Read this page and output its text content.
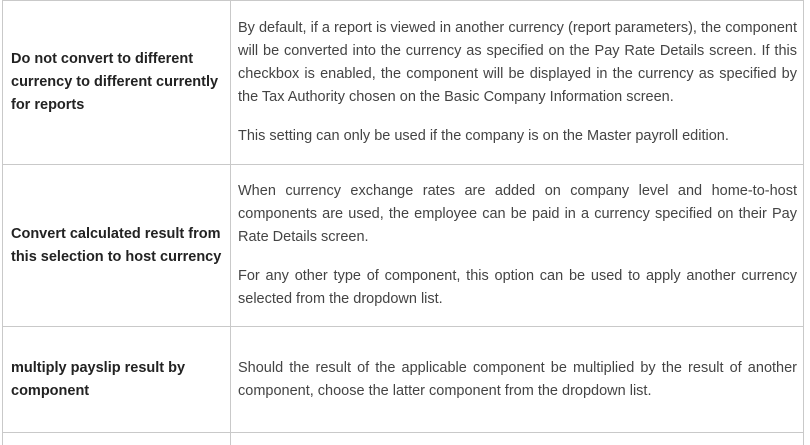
Do not convert to different currency to different currently for reports	By default, if a report is viewed in another currency (report parameters), the component will be converted into the currency as specified on the Pay Rate Details screen. If this checkbox is enabled, the component will be displayed in the currency as specified by the Tax Authority chosen on the Basic Company Information screen.

This setting can only be used if the company is on the Master payroll edition.

Convert calculated result from this selection to host currency	When currency exchange rates are added on company level and home-to-host components are used, the employee can be paid in a currency specified on their Pay Rate Details screen.

For any other type of component, this option can be used to apply another currency selected from the dropdown list.

multiply payslip result by component	Should the result of the applicable component be multiplied by the result of another component, choose the latter component from the dropdown list.
